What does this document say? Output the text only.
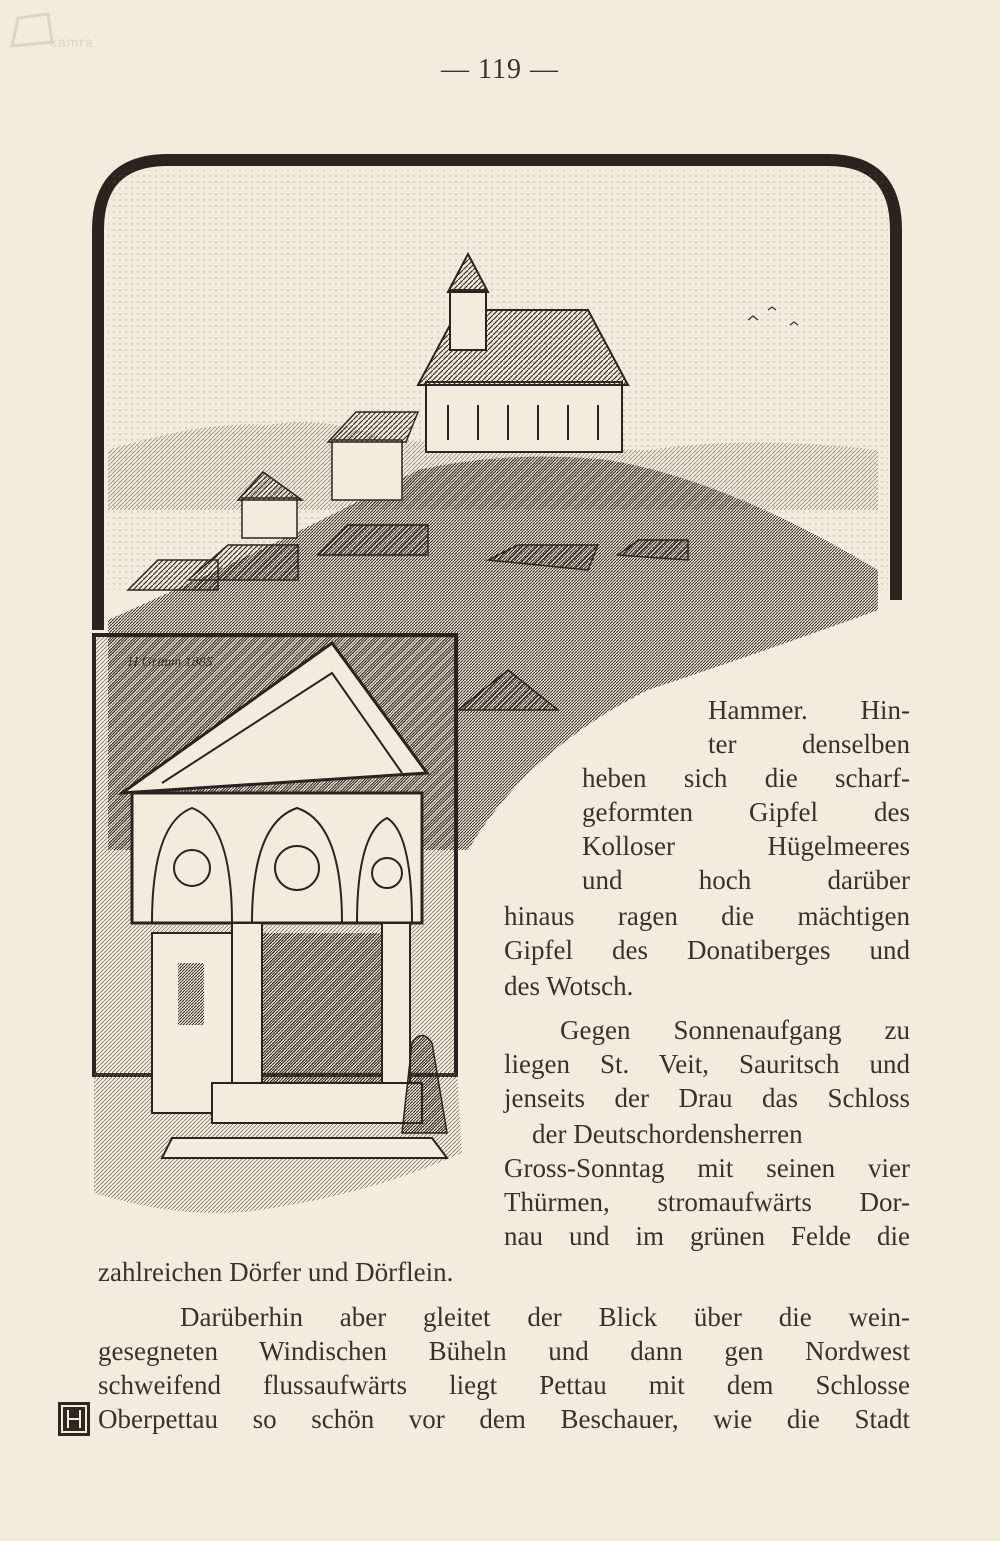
kamra
— 119 —
H.Grimm 1885
Hammer. Hin-
ter denselben
heben sich die scharf-
geformten Gipfel des
Kolloser Hügelmeeres
und hoch darüber
hinaus ragen die mächtigen
Gipfel des Donatiberges und
des Wotsch.
Gegen Sonnenaufgang zu
liegen St. Veit, Sauritsch und
jenseits der Drau das Schloss
der Deutschordensherren
Gross-Sonntag mit seinen vier
Thürmen, stromaufwärts Dor-
nau und im grünen Felde die
zahlreichen Dörfer und Dörflein.
Darüberhin aber gleitet der Blick über die wein-
gesegneten Windischen Büheln und dann gen Nordwest
schweifend flussaufwärts liegt Pettau mit dem Schlosse
Oberpettau so schön vor dem Beschauer, wie die Stadt
